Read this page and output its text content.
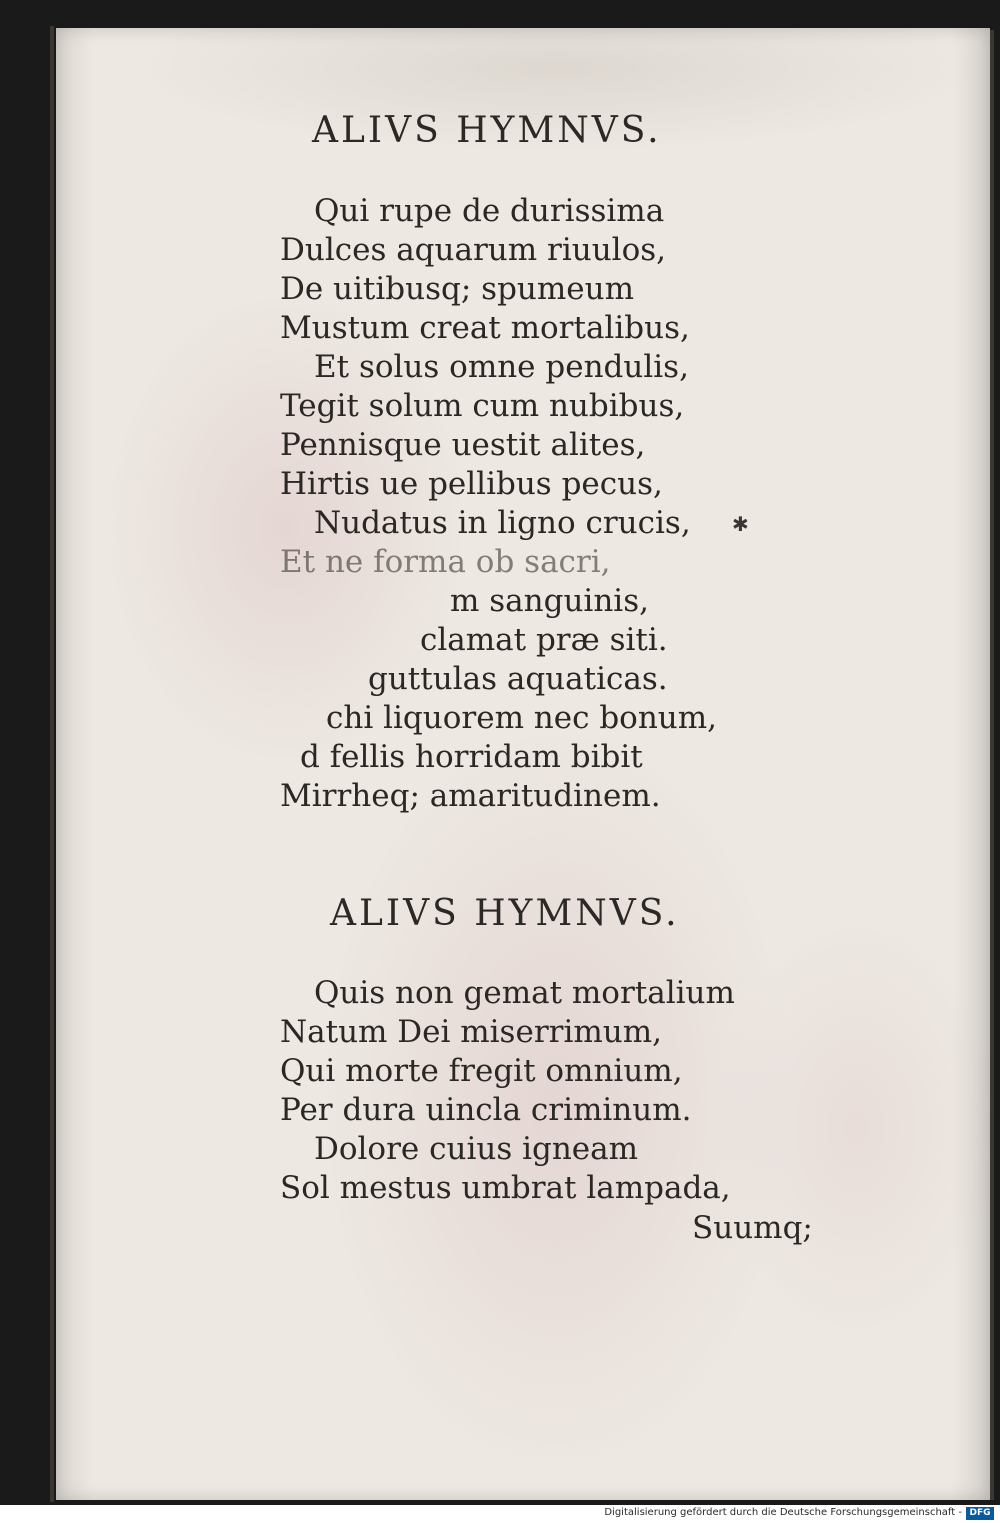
ALIVS HYMNVS.
Qui rupe de durissima
Dulces aquarum riuulos,
De uitibusq; spumeum
Mustum creat mortalibus,
Et solus omne pendulis,
Tegit solum cum nubibus,
Pennisque uestit alites,
Hirtis ue pellibus pecus,
Nudatus in ligno crucis,
Et ne forma ob sacri,
m sanguinis,
clamat præ siti.
guttulas aquaticas.
chi liquorem nec bonum,
d fellis horridam bibit
Mirrheq; amaritudinem.
✱
ALIVS HYMNVS.
Quis non gemat mortalium
Natum Dei miserrimum,
Qui morte fregit omnium,
Per dura uincla criminum.
Dolore cuius igneam
Sol mestus umbrat lampada,
Suumq;
Digitalisierung gefördert durch die Deutsche Forschungsgemeinschaft - DFG
